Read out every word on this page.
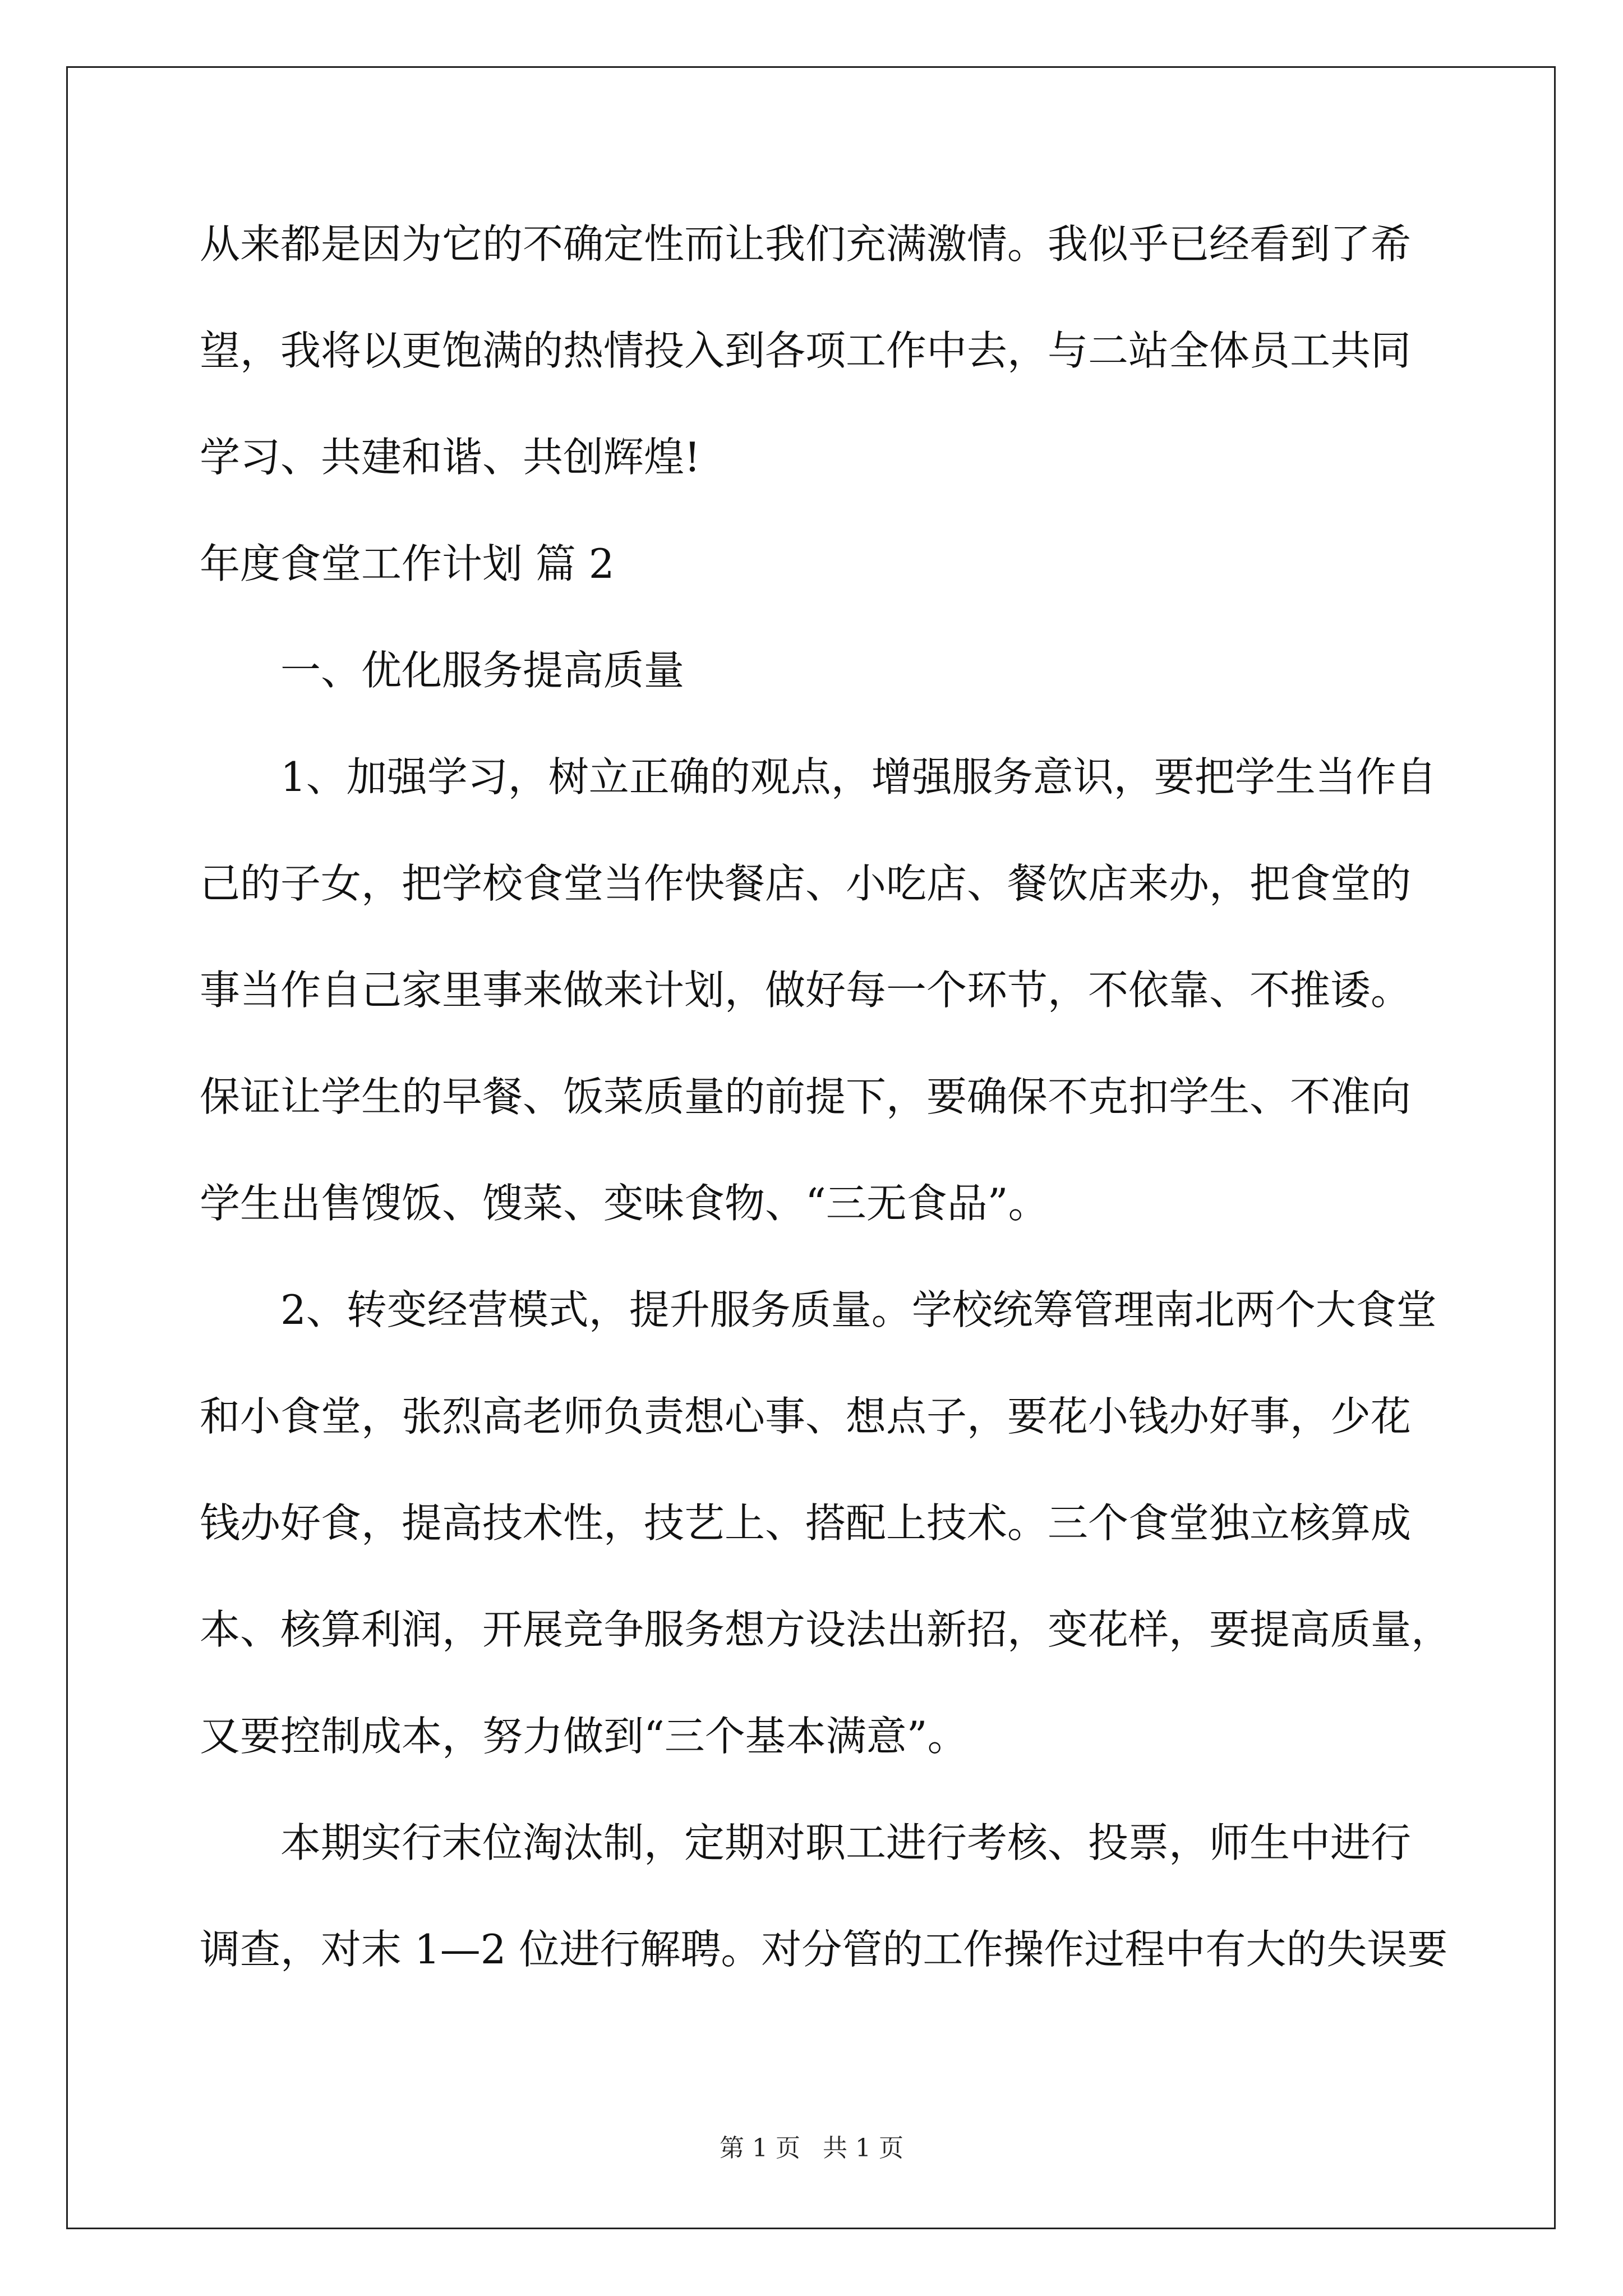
从来都是因为它的不确定性而让我们充满激情。我似乎已经看到了希
望，我将以更饱满的热情投入到各项工作中去，与二站全体员工共同
学习、共建和谐、共创辉煌!
年度食堂工作计划 篇 2
一、优化服务提高质量
1、加强学习，树立正确的观点，增强服务意识，要把学生当作自
己的子女，把学校食堂当作快餐店、小吃店、餐饮店来办，把食堂的
事当作自己家里事来做来计划，做好每一个环节，不依靠、不推诿。
保证让学生的早餐、饭菜质量的前提下，要确保不克扣学生、不准向
学生出售馊饭、馊菜、变味食物、“三无食品”。
2、转变经营模式，提升服务质量。学校统筹管理南北两个大食堂
和小食堂，张烈高老师负责想心事、想点子，要花小钱办好事，少花
钱办好食，提高技术性，技艺上、搭配上技术。三个食堂独立核算成
本、核算利润，开展竞争服务想方设法出新招，变花样，要提高质量，
又要控制成本，努力做到“三个基本满意”。
本期实行末位淘汰制，定期对职工进行考核、投票，师生中进行
调查，对末 1—2 位进行解聘。对分管的工作操作过程中有大的失误要
第 1 页 共 1 页
